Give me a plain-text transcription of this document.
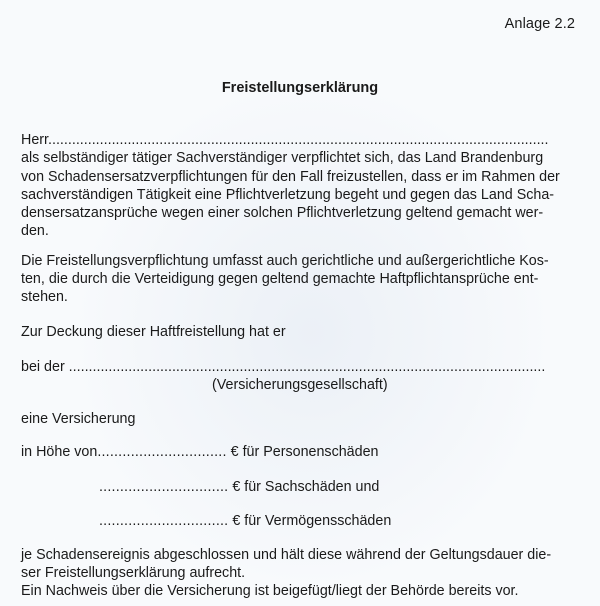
Anlage 2.2
Freistellungserklärung
Herr..............................................................................................................................
als selbständiger tätiger Sachverständiger verpflichtet sich, das Land Brandenburg
von Schadensersatzverpflichtungen für den Fall freizustellen, dass er im Rahmen der
sachverständigen Tätigkeit eine Pflichtverletzung begeht und gegen das Land Scha-
densersatzansprüche wegen einer solchen Pflichtverletzung geltend gemacht wer-
den.
Die Freistellungsverpflichtung umfasst auch gerichtliche und außergerichtliche Kos-
ten, die durch die Verteidigung gegen geltend gemachte Haftpflichtansprüche ent-
stehen.
Zur Deckung dieser Haftfreistellung hat er
bei der ........................................................................................................................
(Versicherungsgesellschaft)
eine Versicherung
in Höhe von............................... € für Personenschäden
............................... € für Sachschäden und
............................... € für Vermögensschäden
je Schadensereignis abgeschlossen und hält diese während der Geltungsdauer die-
ser Freistellungserklärung aufrecht.
Ein Nachweis über die Versicherung ist beigefügt/liegt der Behörde bereits vor.
